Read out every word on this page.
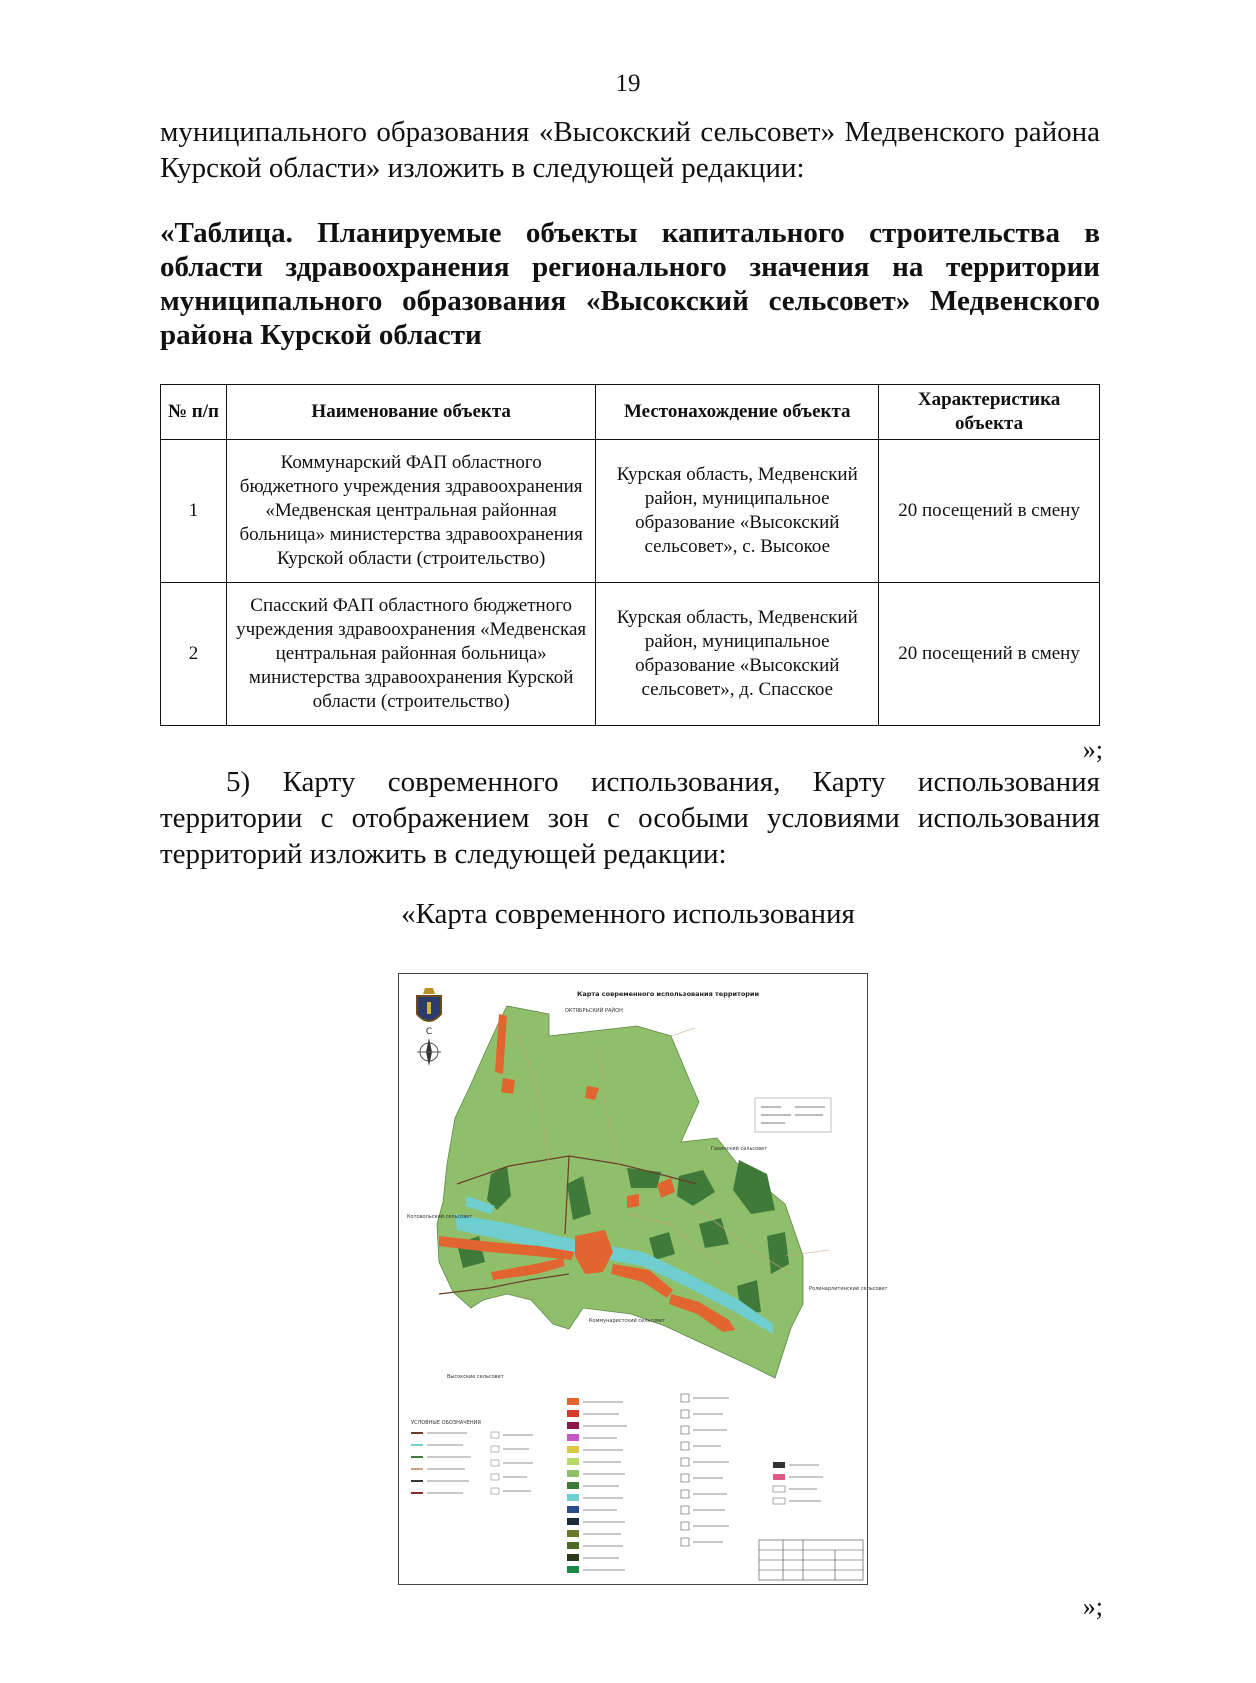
19
муниципального образования «Высокский сельсовет» Медвенского района Курской области» изложить в следующей редакции:
«Таблица. Планируемые объекты капитального строительства в области здравоохранения регионального значения на территории муниципального образования «Высокский сельсовет» Медвенского района Курской области
№ п/п	Наименование объекта	Местонахождение объекта	Характеристика объекта
1	Коммунарский ФАП областного бюджетного учреждения здравоохранения «Медвенская центральная районная больница» министерства здравоохранения Курской области (строительство)	Курская область, Медвенский район, муниципальное образование «Высокский сельсовет», с. Высокое	20 посещений в смену
2	Спасский ФАП областного бюджетного учреждения здравоохранения «Медвенская центральная районная больница» министерства здравоохранения Курской области (строительство)	Курская область, Медвенский район, муниципальное образование «Высокский сельсовет», д. Спасское	20 посещений в смену
»;
5) Карту современного использования, Карту использования территории с отображением зон с особыми условиями использования территорий изложить в следующей редакции:
«Карта современного использования
С
Карта современного использования территории
ОКТЯБРЬСКИЙ РАЙОН
Гахинский сельсовет
Котовольский сельсовет
Ролинарлитинский сельсовет
Коммунаристский сельсовет
Высокские сельсовет
УСЛОВНЫЕ ОБОЗНАЧЕНИЯ
»;
